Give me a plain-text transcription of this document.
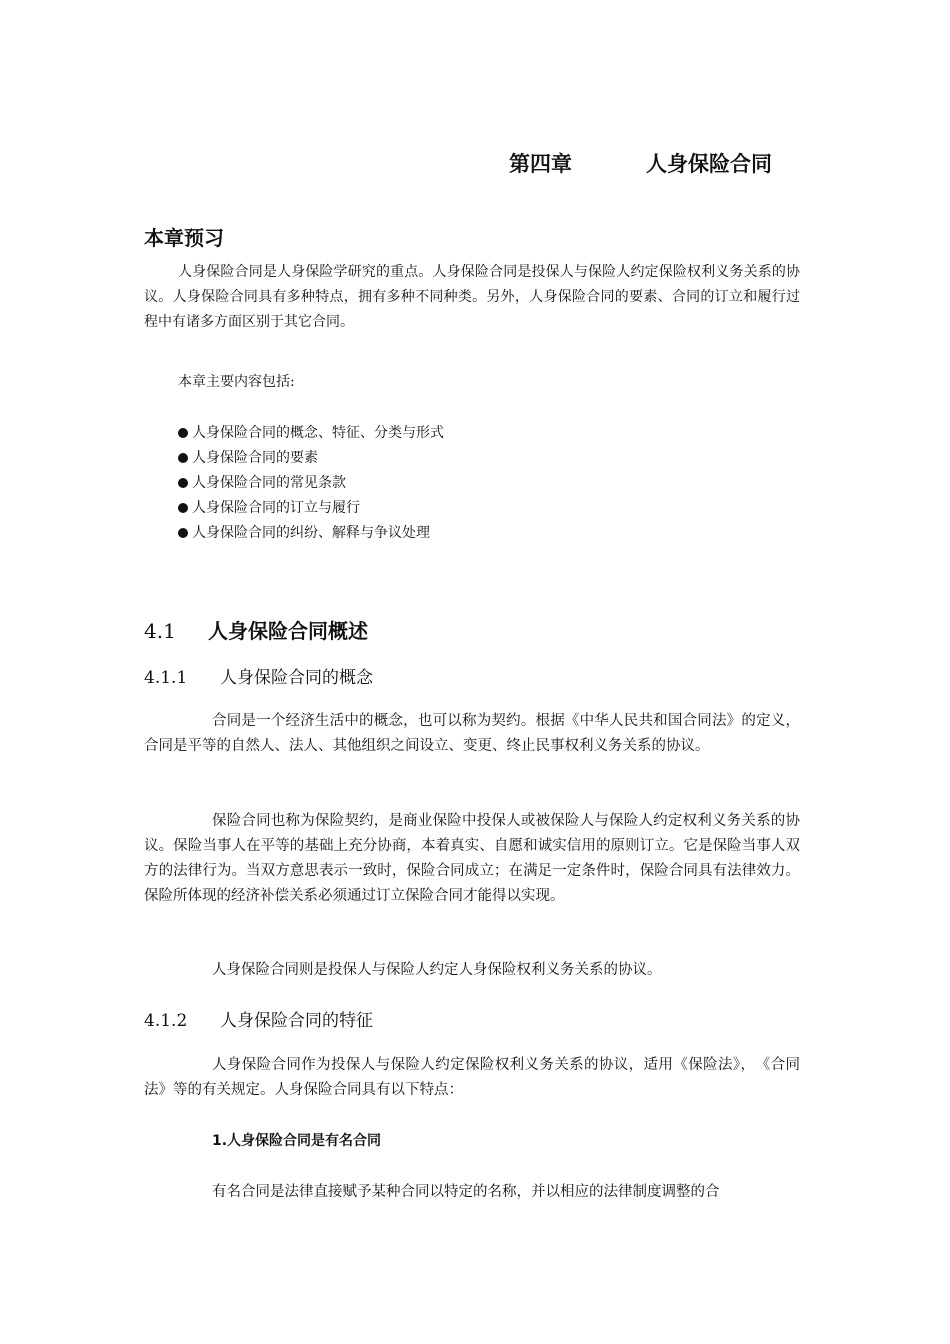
第四章	人身保险合同
本章预习

人身保险合同是人身保险学研究的重点。人身保险合同是投保人与保险人约定保险权利义务关系的协议。人身保险合同具有多种特点，拥有多种不同种类。另外，人身保险合同的要素、合同的订立和履行过程中有诸多方面区别于其它合同。

本章主要内容包括:

人身保险合同的概念、特征、分类与形式
人身保险合同的要素
人身保险合同的常见条款
人身保险合同的订立与履行
人身保险合同的纠纷、解释与争议处理
4.1 人身保险合同概述
4.1.1 人身保险合同的概念

合同是一个经济生活中的概念，也可以称为契约。根据《中华人民共和国合同法》的定义，合同是平等的自然人、法人、其他组织之间设立、变更、终止民事权利义务关系的协议。

保险合同也称为保险契约，是商业保险中投保人或被保险人与保险人约定权利义务关系的协议。保险当事人在平等的基础上充分协商，本着真实、自愿和诚实信用的原则订立。它是保险当事人双方的法律行为。当双方意思表示一致时，保险合同成立；在满足一定条件时，保险合同具有法律效力。保险所体现的经济补偿关系必须通过订立保险合同才能得以实现。

人身保险合同则是投保人与保险人约定人身保险权利义务关系的协议。

4.1.2 人身保险合同的特征

人身保险合同作为投保人与保险人约定保险权利义务关系的协议，适用《保险法》，　《合同法》等的有关规定。人身保险合同具有以下特点：

1.人身保险合同是有名合同

有名合同是法律直接赋予某种合同以特定的名称，并以相应的法律制度调整的合
